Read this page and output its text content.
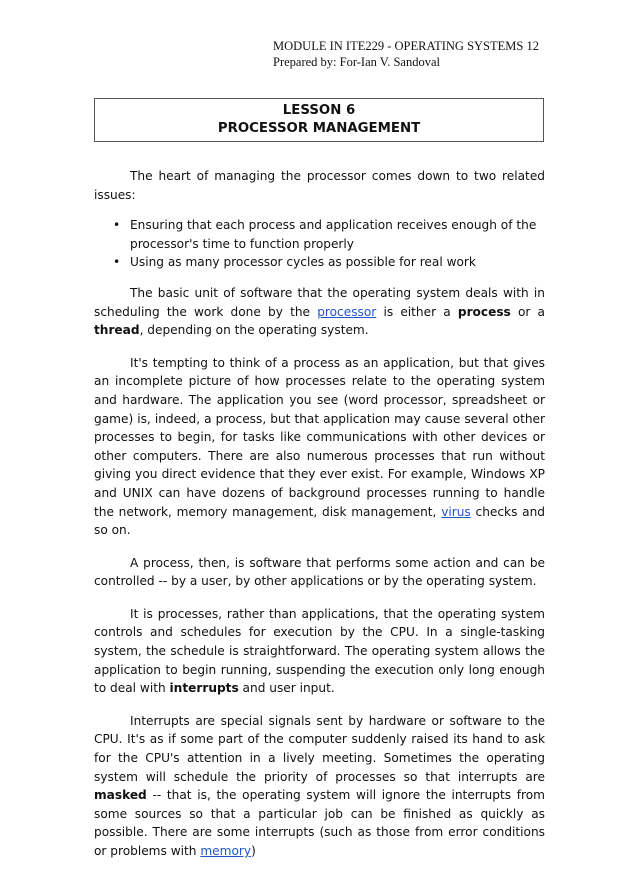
MODULE IN ITE229 - OPERATING SYSTEMS 12
Prepared by: For-Ian V. Sandoval
LESSON 6
PROCESSOR MANAGEMENT

The heart of managing the processor comes down to two related issues:

• Ensuring that each process and application receives enough of the processor's time to function properly
• Using as many processor cycles as possible for real work

The basic unit of software that the operating system deals with in scheduling the work done by the processor is either a process or a thread, depending on the operating system.

It's tempting to think of a process as an application, but that gives an incomplete picture of how processes relate to the operating system and hardware. The application you see (word processor, spreadsheet or game) is, indeed, a process, but that application may cause several other processes to begin, for tasks like communications with other devices or other computers. There are also numerous processes that run without giving you direct evidence that they ever exist. For example, Windows XP and UNIX can have dozens of background processes running to handle the network, memory management, disk management, virus checks and so on.

A process, then, is software that performs some action and can be controlled -- by a user, by other applications or by the operating system.

It is processes, rather than applications, that the operating system controls and schedules for execution by the CPU. In a single-tasking system, the schedule is straightforward. The operating system allows the application to begin running, suspending the execution only long enough to deal with interrupts and user input.

Interrupts are special signals sent by hardware or software to the CPU. It's as if some part of the computer suddenly raised its hand to ask for the CPU's attention in a lively meeting. Sometimes the operating system will schedule the priority of processes so that interrupts are masked -- that is, the operating system will ignore the interrupts from some sources so that a particular job can be finished as quickly as possible. There are some interrupts (such as those from error conditions or problems with memory)
